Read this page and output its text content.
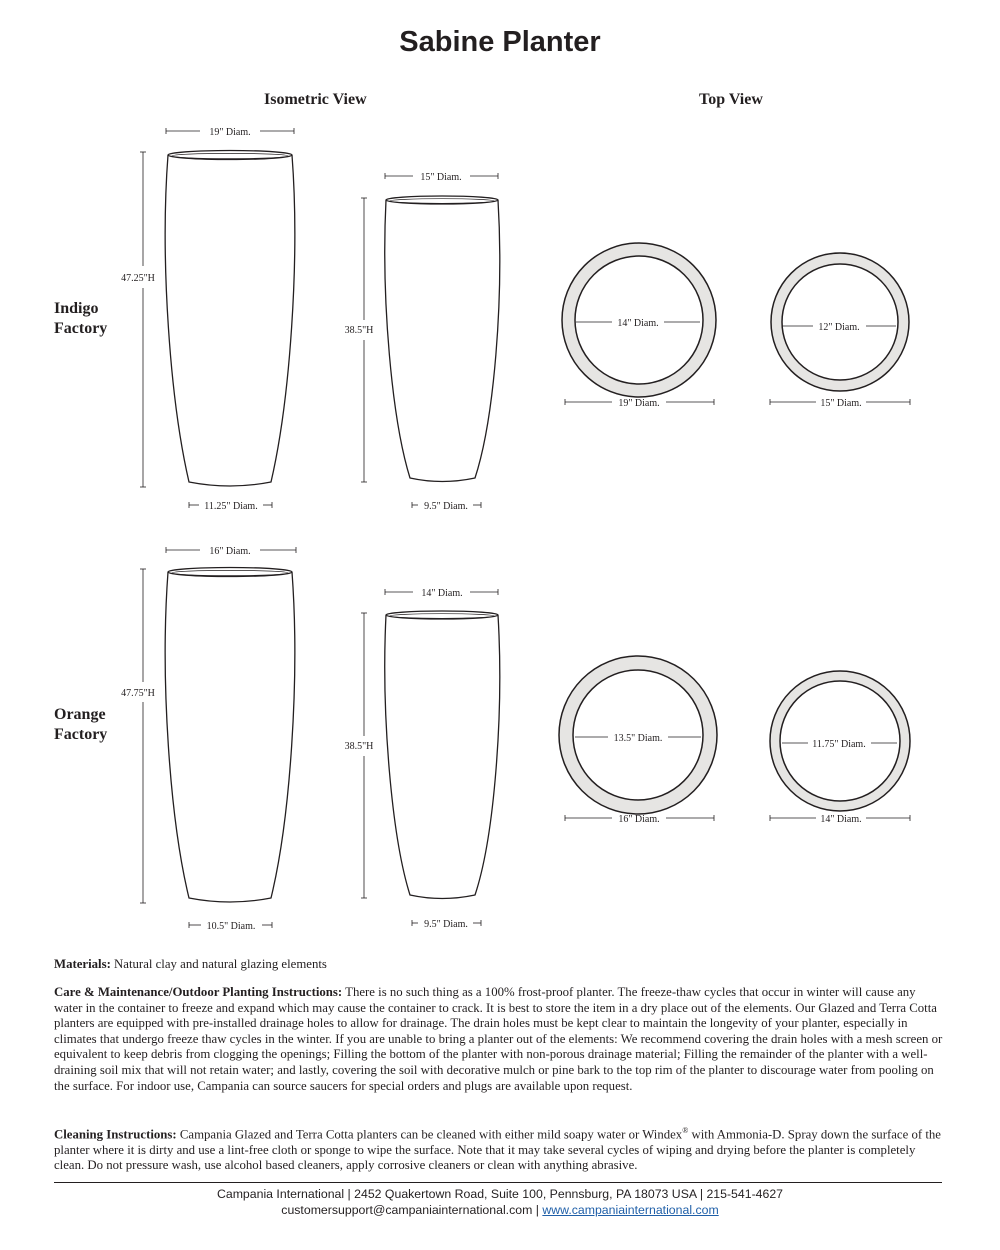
Sabine Planter
Isometric View	Top View
Indigo
Factory
Orange
Factory
19" Diam.
47.25"H
11.25" Diam.
15" Diam.
38.5"H
9.5" Diam.
14" Diam.
19" Diam.
12" Diam.
15" Diam.
16" Diam.
47.75"H
10.5" Diam.
14" Diam.
38.5"H
9.5" Diam.
13.5" Diam.
16" Diam.
11.75" Diam.
14" Diam.
Materials: Natural clay and natural glazing elements
Care & Maintenance/Outdoor Planting Instructions: There is no such thing as a 100% frost-proof planter. The freeze-thaw cycles that occur in winter will cause any water in the container to freeze and expand which may cause the container to crack. It is best to store the item in a dry place out of the elements. Our Glazed and Terra Cotta planters are equipped with pre-installed drainage holes to allow for drainage. The drain holes must be kept clear to maintain the longevity of your planter, especially in climates that undergo freeze thaw cycles in the winter. If you are unable to bring a planter out of the elements: We recommend covering the drain holes with a mesh screen or equivalent to keep debris from clogging the openings; Filling the bottom of the planter with non-porous drainage material; Filling the remainder of the planter with a well-draining soil mix that will not retain water; and lastly, covering the soil with decorative mulch or pine bark to the top rim of the planter to discourage water from pooling on the surface. For indoor use, Campania can source saucers for special orders and plugs are available upon request.
Cleaning Instructions: Campania Glazed and Terra Cotta planters can be cleaned with either mild soapy water or Windex® with Ammonia-D. Spray down the surface of the planter where it is dirty and use a lint-free cloth or sponge to wipe the surface. Note that it may take several cycles of wiping and drying before the planter is completely clean. Do not pressure wash, use alcohol based cleaners, apply corrosive cleaners or clean with anything abrasive.
Campania International | 2452 Quakertown Road, Suite 100, Pennsburg, PA 18073 USA | 215-541-4627
customersupport@campaniainternational.com | www.campaniainternational.com
